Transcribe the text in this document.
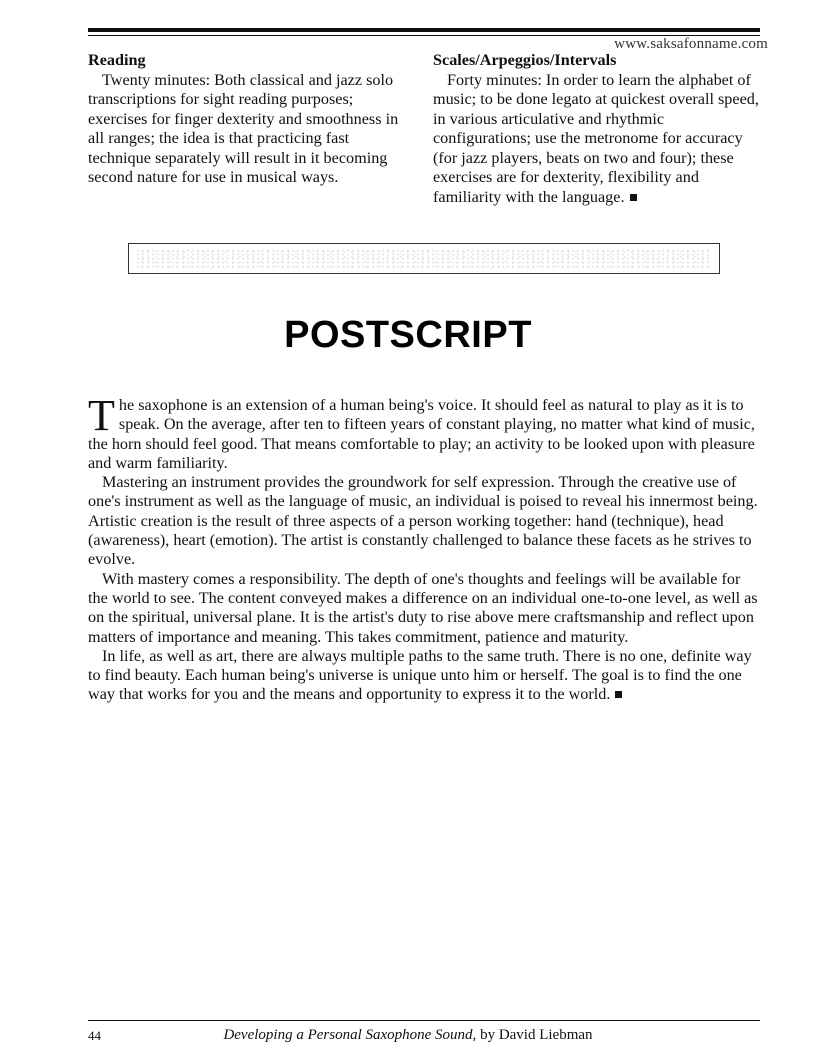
www.saksafonname.com
Reading

Twenty minutes: Both classical and jazz solo transcriptions for sight reading purposes; exercises for finger dexterity and smoothness in all ranges; the idea is that practicing fast technique separately will result in it becoming second nature for use in musical ways.

Scales/Arpeggios/Intervals

Forty minutes: In order to learn the alphabet of music; to be done legato at quickest overall speed, in various articulative and rhythmic configurations; use the metronome for accuracy (for jazz players, beats on two and four); these exercises are for dexterity, flexibility and familiarity with the language.

POSTSCRIPT

The saxophone is an extension of a human being's voice. It should feel as natural to play as it is to speak. On the average, after ten to fifteen years of constant playing, no matter what kind of music, the horn should feel good. That means comfortable to play; an activity to be looked upon with pleasure and warm familiarity.

Mastering an instrument provides the groundwork for self expression. Through the creative use of one's instrument as well as the language of music, an individual is poised to reveal his innermost being. Artistic creation is the result of three aspects of a person working together: hand (technique), head (awareness), heart (emotion). The artist is constantly challenged to balance these facets as he strives to evolve.

With mastery comes a responsibility. The depth of one's thoughts and feelings will be available for the world to see. The content conveyed makes a difference on an individual one-to-one level, as well as on the spiritual, universal plane. It is the artist's duty to rise above mere craftsmanship and reflect upon matters of importance and meaning. This takes commitment, patience and maturity.

In life, as well as art, there are always multiple paths to the same truth. There is no one, definite way to find beauty. Each human being's universe is unique unto him or herself. The goal is to find the one way that works for you and the means and opportunity to express it to the world.

44	Developing a Personal Saxophone Sound, by David Liebman
